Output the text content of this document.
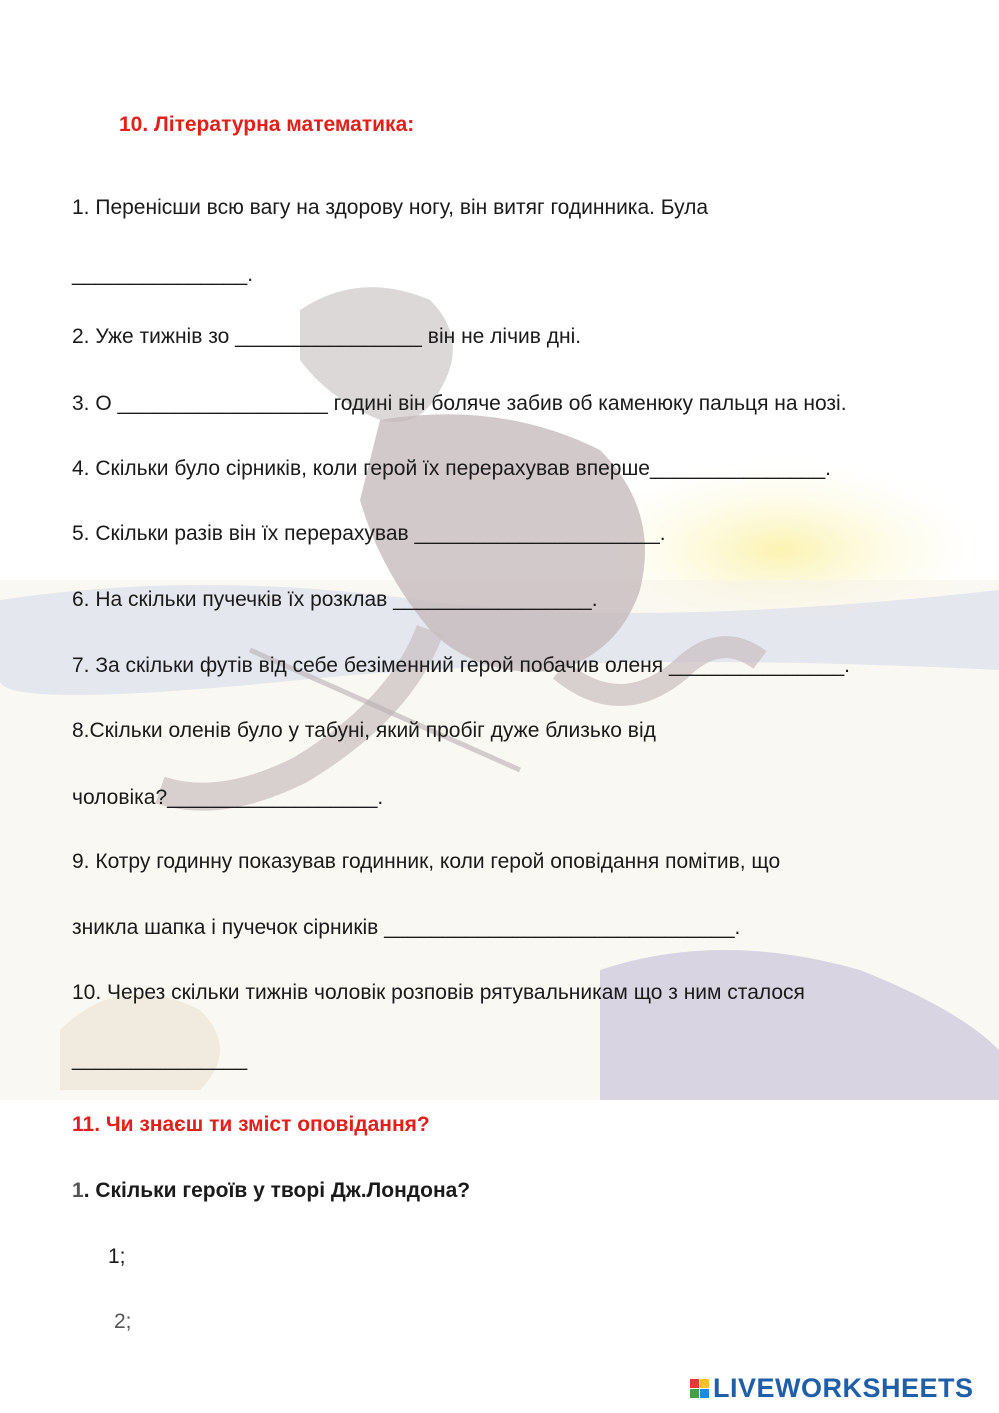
10. Літературна математика:
1. Перенісши всю вагу на здорову ногу, він витяг годинника. Була
_______________.
2. Уже тижнів зо ________________ він не лічив дні.
3. О __________________ годині він боляче забив об каменюку пальця на нозі.
4. Скільки було сірників, коли герой їх перерахував вперше_______________.
5. Скільки разів він їх перерахував _____________________.
6. На скільки пучечків їх розклав _________________.
7. За скільки футів від себе безіменний герой побачив оленя _______________.
8.Скільки оленів було у табуні, який пробіг дуже близько від
чоловіка?__________________.
9. Котру годинну показував годинник, коли герой оповідання помітив, що
зникла шапка і пучечок сірників ______________________________.
10. Через скільки тижнів чоловік розповів рятувальникам що з ним сталося
_______________
11. Чи знаєш ти зміст оповідання?
1. Скільки героїв у творі Дж.Лондона?
1;
2;
LIVEWORKSHEETS
